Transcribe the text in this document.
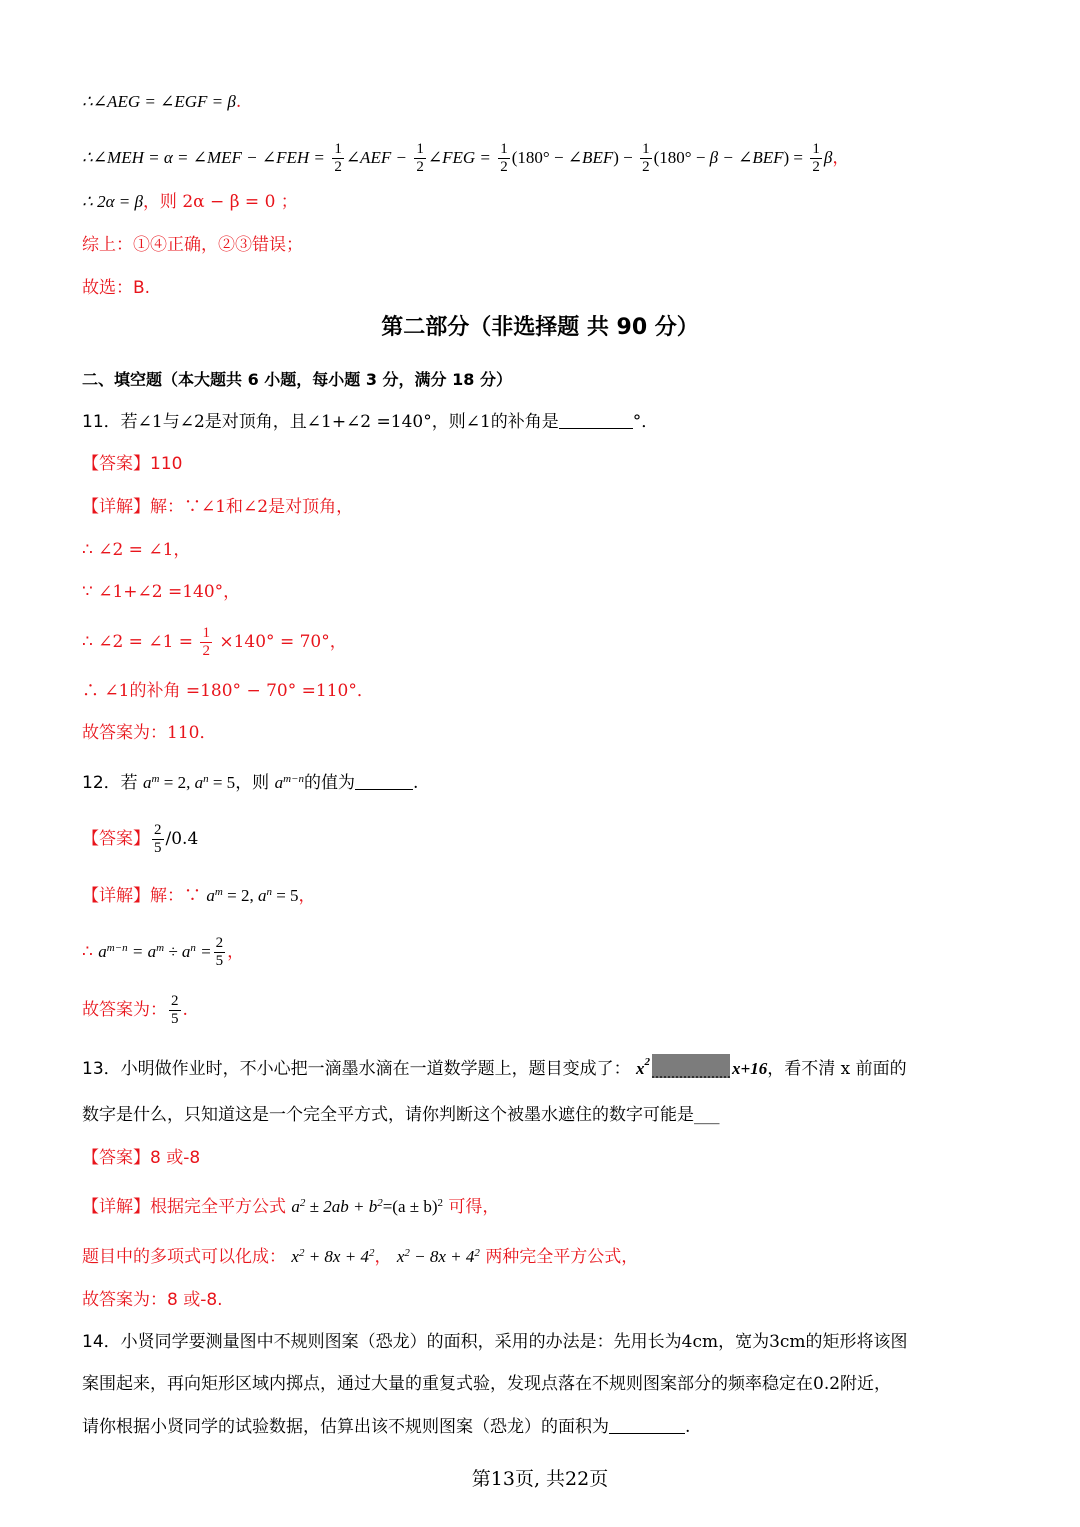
∴∠AEG = ∠EGF = β.
∴∠MEH = α = ∠MEF − ∠FEH = $\frac{1}{2}$ ∠AEF − $\frac{1}{2}$ ∠FEG = $\frac{1}{2} (180^\circ$ − ∠BEF) − $\frac{1}{2} (180^\circ - \beta$ − ∠BEF) = $\frac{1}{2}$ β，
∴ 2α = β，则 2α − β = 0 ；
综上：①④正确，②③错误；
故选：B.
第二部分（非选择题 共 90 分）
二、填空题（本大题共 6 小题，每小题 3 分，满分 18 分）
11．若∠1与∠2是对顶角，且∠1+∠2 =140°，则∠1的补角是	°．
【答案】110
【详解】解：∵∠1和∠2是对顶角，
∴ ∠2 = ∠1，
∵ ∠1+∠2 =140°，
∴ ∠2 = ∠1 = $\frac{1}{2} \times 140^\circ = 70^\circ$，
∴ ∠1的补角 =180° − 70° =110°．
故答案为：110．
12．若 $a^m = 2$, $a^n = 5$，则 $a^{m-n}$的值为	.
【答案】 $\frac{2}{5} /0.4$
【详解】解：∵ $a^m = 2$, $a^n = 5$，
∴ $a^{m-n} = a^m \div a^n = \frac{2}{5}$ ，
故答案为： $\frac{2}{5}$ .
13．小明做作业时，不小心把一滴墨水滴在一道数学题上，题目变成了： $x^2$	x+16，看不清 x 前面的
数字是什么，只知道这是一个完全平方式，请你判断这个被墨水遮住的数字可能是___
【答案】8 或-8
【详解】根据完全平方公式 $a^2 \pm 2ab + b^2=(a \pm b)^2$ 可得，
题目中的多项式可以化成： $x^2 + 8x + 4^2$， $x^2 - 8x + 4^2$ 两种完全平方公式，
故答案为：8 或-8.
14．小贤同学要测量图中不规则图案（恐龙）的面积，采用的办法是：先用长为4cm，宽为3cm的矩形将该图
案围起来，再向矩形区域内掷点，通过大量的重复式验，发现点落在不规则图案部分的频率稳定在0.2附近，
请你根据小贤同学的试验数据，估算出该不规则图案（恐龙）的面积为	.
第13页, 共22页
